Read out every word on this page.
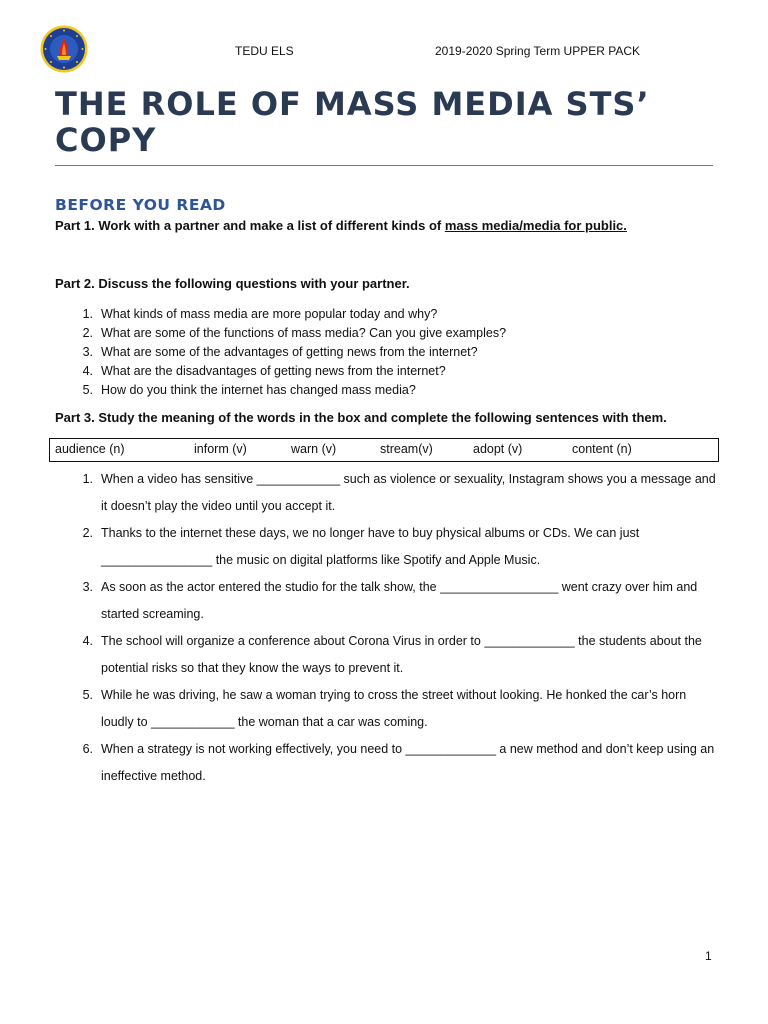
TEDU ELS	2019-2020 Spring Term UPPER PACK
THE ROLE OF MASS MEDIA STS’ COPY
BEFORE YOU READ
Part 1. Work with a partner and make a list of different kinds of mass media/media for public.
Part 2. Discuss the following questions with your partner.
1. What kinds of mass media are more popular today and why?
2. What are some of the functions of mass media? Can you give examples?
3. What are some of the advantages of getting news from the internet?
4. What are the disadvantages of getting news from the internet?
5. How do you think the internet has changed mass media?
Part 3. Study the meaning of the words in the box and complete the following sentences with them.
audience (n)	inform (v)	warn (v)	stream(v)	adopt (v)	content (n)
1. When a video has sensitive ____________ such as violence or sexuality, Instagram shows you a message and it doesn’t play the video until you accept it.
2. Thanks to the internet these days, we no longer have to buy physical albums or CDs. We can just ________________ the music on digital platforms like Spotify and Apple Music.
3. As soon as the actor entered the studio for the talk show, the _________________ went crazy over him and started screaming.
4. The school will organize a conference about Corona Virus in order to _____________ the students about the potential risks so that they know the ways to prevent it.
5. While he was driving, he saw a woman trying to cross the street without looking. He honked the car’s horn loudly to ____________ the woman that a car was coming.
6. When a strategy is not working effectively, you need to _____________ a new method and don’t keep using an ineffective method.
1
